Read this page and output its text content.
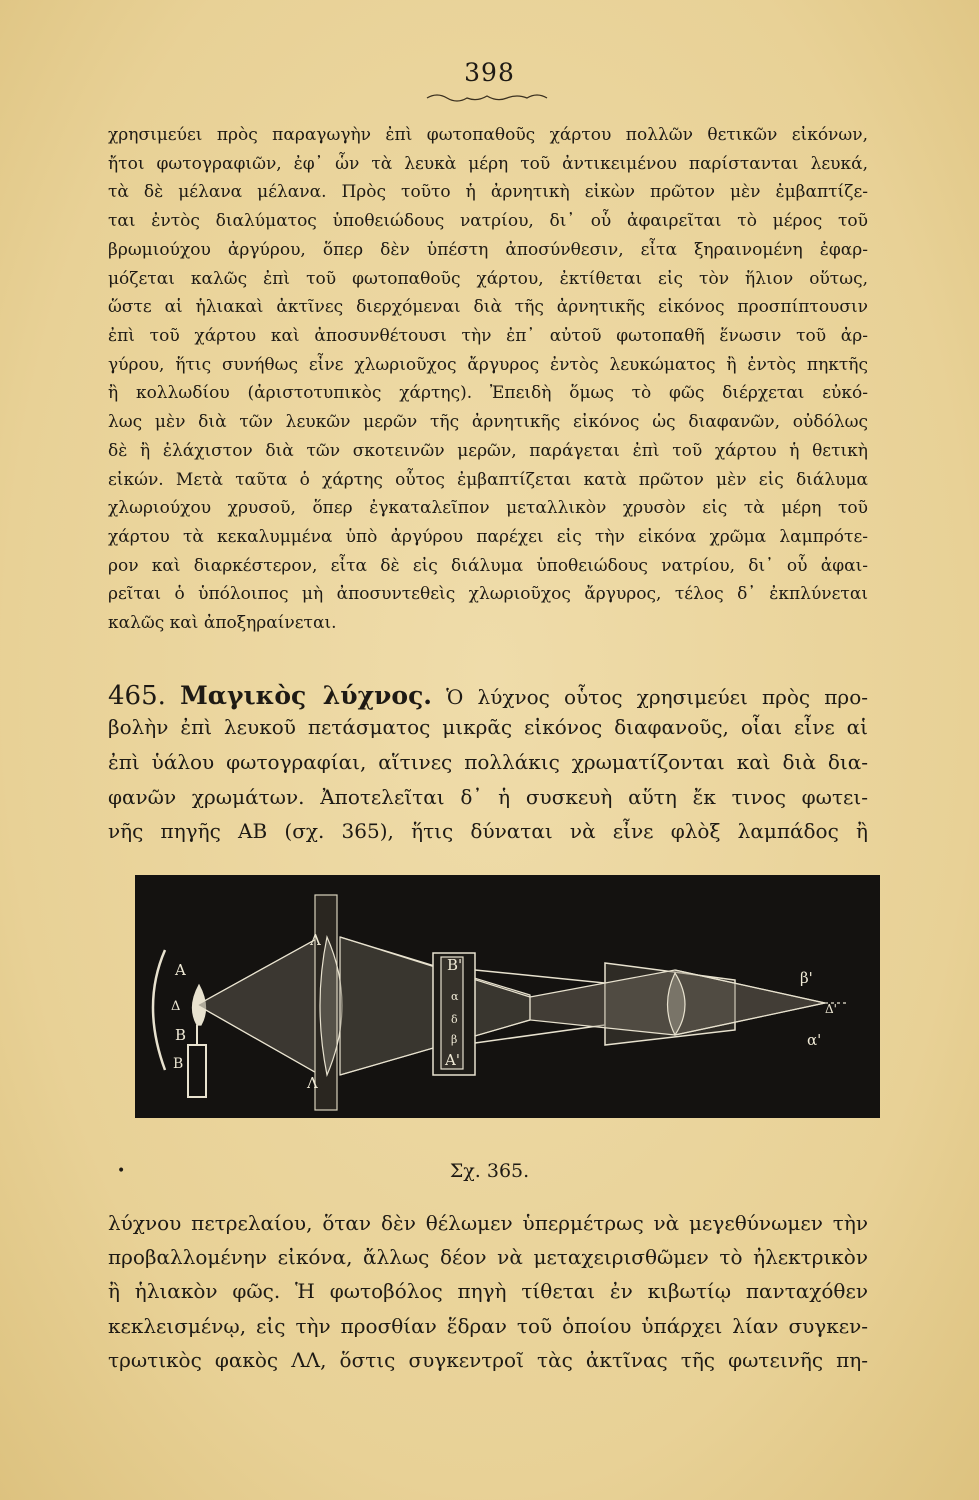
398
χρησιμεύει πρὸς παραγωγὴν ἐπὶ φωτοπαθοῦς χάρτου πολλῶν θετικῶν εἰκόνων,
ἤτοι φωτογραφιῶν, ἐφ᾽ ὧν τὰ λευκὰ μέρη τοῦ ἀντικειμένου παρίστανται λευκά,
τὰ δὲ μέλανα μέλανα. Πρὸς τοῦτο ἡ ἀρνητικὴ εἰκὼν πρῶτον μὲν ἐμβαπτίζε-
ται ἐντὸς διαλύματος ὑποθειώδους νατρίου, δι᾽ οὗ ἀφαιρεῖται τὸ μέρος τοῦ
βρωμιούχου ἀργύρου, ὅπερ δὲν ὑπέστη ἀποσύνθεσιν, εἶτα ξηραινομένη ἐφαρ-
μόζεται καλῶς ἐπὶ τοῦ φωτοπαθοῦς χάρτου, ἐκτίθεται εἰς τὸν ἥλιον οὕτως,
ὥστε αἱ ἡλιακαὶ ἀκτῖνες διερχόμεναι διὰ τῆς ἀρνητικῆς εἰκόνος προσπίπτουσιν
ἐπὶ τοῦ χάρτου καὶ ἀποσυνθέτουσι τὴν ἐπ᾽ αὐτοῦ φωτοπαθῆ ἕνωσιν τοῦ ἀρ-
γύρου, ἥτις συνήθως εἶνε χλωριοῦχος ἄργυρος ἐντὸς λευκώματος ἢ ἐντὸς πηκτῆς
ἢ κολλωδίου (ἀριστοτυπικὸς χάρτης). Ἐπειδὴ ὅμως τὸ φῶς διέρχεται εὐκό-
λως μὲν διὰ τῶν λευκῶν μερῶν τῆς ἀρνητικῆς εἰκόνος ὡς διαφανῶν, οὐδόλως
δὲ ἢ ἐλάχιστον διὰ τῶν σκοτεινῶν μερῶν, παράγεται ἐπὶ τοῦ χάρτου ἡ θετικὴ
εἰκών. Μετὰ ταῦτα ὁ χάρτης οὗτος ἐμβαπτίζεται κατὰ πρῶτον μὲν εἰς διάλυμα
χλωριούχου χρυσοῦ, ὅπερ ἐγκαταλεῖπον μεταλλικὸν χρυσὸν εἰς τὰ μέρη τοῦ
χάρτου τὰ κεκαλυμμένα ὑπὸ ἀργύρου παρέχει εἰς τὴν εἰκόνα χρῶμα λαμπρότε-
ρον καὶ διαρκέστερον, εἶτα δὲ εἰς διάλυμα ὑποθειώδους νατρίου, δι᾽ οὗ ἀφαι-
ρεῖται ὁ ὑπόλοιπος μὴ ἀποσυντεθεὶς χλωριοῦχος ἄργυρος, τέλος δ᾽ ἐκπλύνεται
καλῶς καὶ ἀποξηραίνεται.
465. Μαγικὸς λύχνος. Ὁ λύχνος οὗτος χρησιμεύει πρὸς προ-
βολὴν ἐπὶ λευκοῦ πετάσματος μικρᾶς εἰκόνος διαφανοῦς, οἷαι εἶνε αἱ
ἐπὶ ὑάλου φωτογραφίαι, αἵτινες πολλάκις χρωματίζονται καὶ διὰ δια-
φανῶν χρωμάτων. Ἀποτελεῖται δ᾽ ἡ συσκευὴ αὕτη ἔκ τινος φωτει-
νῆς πηγῆς ΑΒ (σχ. 365), ἥτις δύναται νὰ εἶνε φλὸξ λαμπάδος ἢ
Α
Δ
Β
Β
Λ
Λ
Β'
α
δ
β
Α'
β'
Δ'
α'
•	Σχ. 365.
λύχνου πετρελαίου, ὅταν δὲν θέλωμεν ὑπερμέτρως νὰ μεγεθύνωμεν τὴν
προβαλλομένην εἰκόνα, ἄλλως δέον νὰ μεταχειρισθῶμεν τὸ ἠλεκτρικὸν
ἢ ἡλιακὸν φῶς. Ἡ φωτοβόλος πηγὴ τίθεται ἐν κιβωτίῳ πανταχόθεν
κεκλεισμένῳ, εἰς τὴν προσθίαν ἕδραν τοῦ ὁποίου ὑπάρχει λίαν συγκεν-
τρωτικὸς φακὸς ΛΛ, ὅστις συγκεντροῖ τὰς ἀκτῖνας τῆς φωτεινῆς πη-
